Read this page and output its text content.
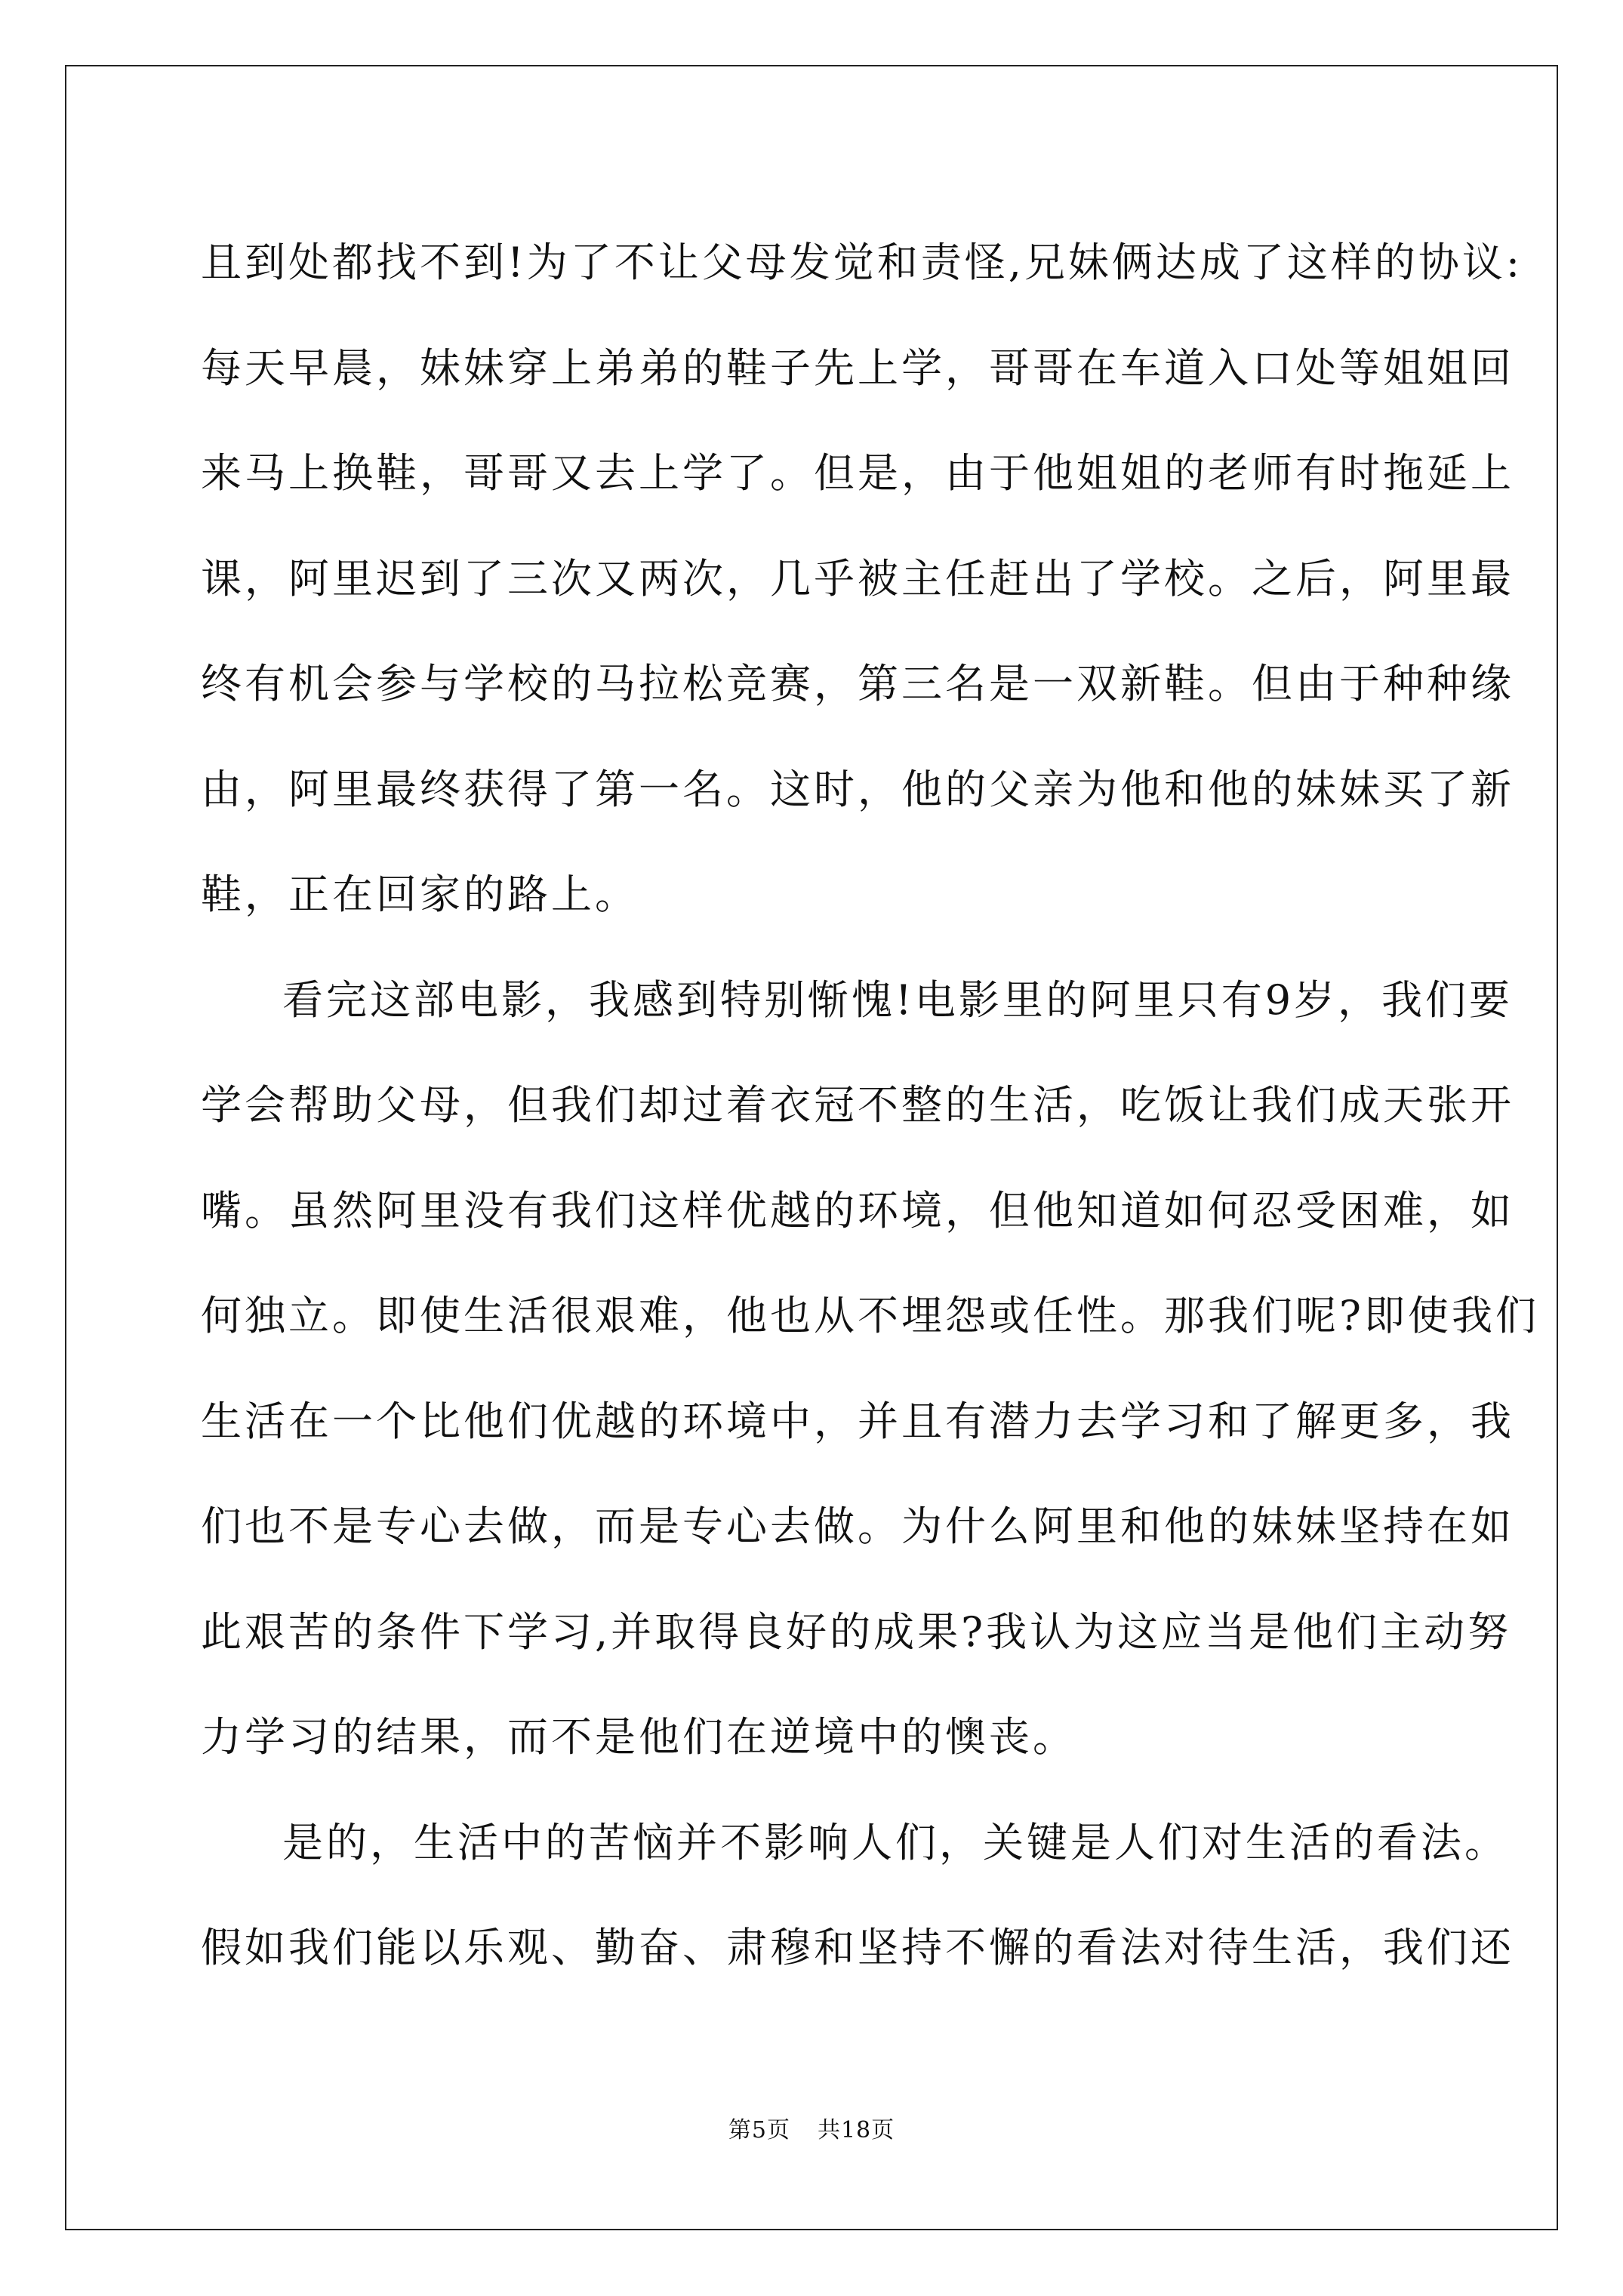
且到处都找不到!为了不让父母发觉和责怪,兄妹俩达成了这样的协议:
每天早晨，妹妹穿上弟弟的鞋子先上学，哥哥在车道入口处等姐姐回
来马上换鞋，哥哥又去上学了。但是，由于他姐姐的老师有时拖延上
课，阿里迟到了三次又两次，几乎被主任赶出了学校。之后，阿里最
终有机会参与学校的马拉松竞赛，第三名是一双新鞋。但由于种种缘
由，阿里最终获得了第一名。这时，他的父亲为他和他的妹妹买了新
鞋，正在回家的路上。
看完这部电影，我感到特别惭愧!电影里的阿里只有9岁，我们要
学会帮助父母，但我们却过着衣冠不整的生活，吃饭让我们成天张开
嘴。虽然阿里没有我们这样优越的环境，但他知道如何忍受困难，如
何独立。即使生活很艰难，他也从不埋怨或任性。那我们呢?即使我们
生活在一个比他们优越的环境中，并且有潜力去学习和了解更多，我
们也不是专心去做，而是专心去做。为什么阿里和他的妹妹坚持在如
此艰苦的条件下学习,并取得良好的成果?我认为这应当是他们主动努
力学习的结果，而不是他们在逆境中的懊丧。
是的，生活中的苦恼并不影响人们，关键是人们对生活的看法。
假如我们能以乐观、勤奋、肃穆和坚持不懈的看法对待生活，我们还
第5页 共18页
